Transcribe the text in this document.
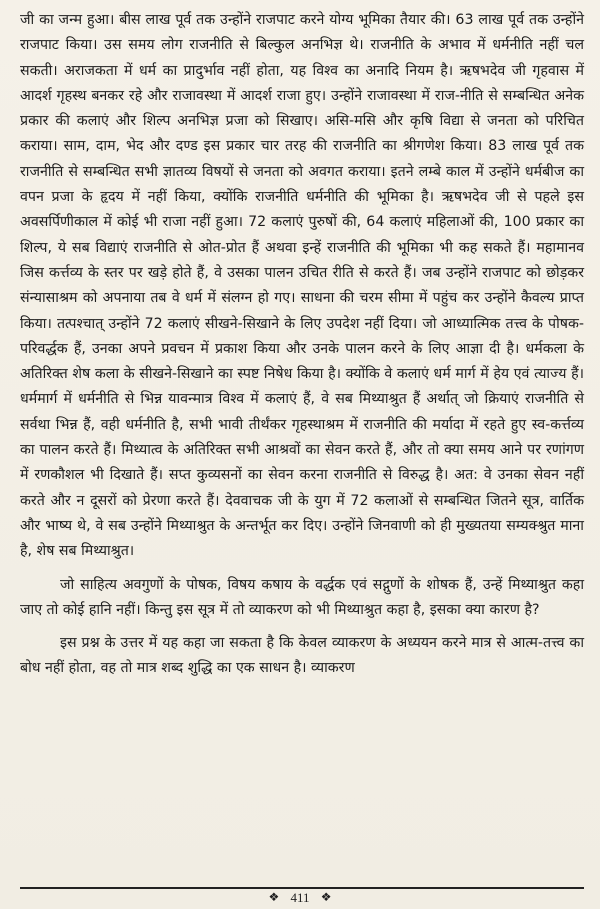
जी का जन्म हुआ। बीस लाख पूर्व तक उन्होंने राजपाट करने योग्य भूमिका तैयार की। 63 लाख पूर्व तक उन्होंने राजपाट किया। उस समय लोग राजनीति से बिल्कुल अनभिज्ञ थे। राजनीति के अभाव में धर्मनीति नहीं चल सकती। अराजकता में धर्म का प्रादुर्भाव नहीं होता, यह विश्व का अनादि नियम है। ऋषभदेव जी गृहवास में आदर्श गृहस्थ बनकर रहे और राजावस्था में आदर्श राजा हुए। उन्होंने राजावस्था में राज-नीति से सम्बन्धित अनेक प्रकार की कलाएं और शिल्प अनभिज्ञ प्रजा को सिखाए। असि-मसि और कृषि विद्या से जनता को परिचित कराया। साम, दाम, भेद और दण्ड इस प्रकार चार तरह की राजनीति का श्रीगणेश किया। 83 लाख पूर्व तक राजनीति से सम्बन्धित सभी ज्ञातव्य विषयों से जनता को अवगत कराया। इतने लम्बे काल में उन्होंने धर्मबीज का वपन प्रजा के हृदय में नहीं किया, क्योंकि राजनीति धर्मनीति की भूमिका है। ऋषभदेव जी से पहले इस अवसर्पिणीकाल में कोई भी राजा नहीं हुआ। 72 कलाएं पुरुषों की, 64 कलाएं महिलाओं की, 100 प्रकार का शिल्प, ये सब विद्याएं राजनीति से ओत-प्रोत हैं अथवा इन्हें राजनीति की भूमिका भी कह सकते हैं। महामानव जिस कर्त्तव्य के स्तर पर खड़े होते हैं, वे उसका पालन उचित रीति से करते हैं। जब उन्होंने राजपाट को छोड़कर संन्यासाश्रम को अपनाया तब वे धर्म में संलग्न हो गए। साधना की चरम सीमा में पहुंच कर उन्होंने कैवल्य प्राप्त किया। तत्पश्चात् उन्होंने 72 कलाएं सीखने-सिखाने के लिए उपदेश नहीं दिया। जो आध्यात्मिक तत्त्व के पोषक-परिवर्द्धक हैं, उनका अपने प्रवचन में प्रकाश किया और उनके पालन करने के लिए आज्ञा दी है। धर्मकला के अतिरिक्त शेष कला के सीखने-सिखाने का स्पष्ट निषेध किया है। क्योंकि वे कलाएं धर्म मार्ग में हेय एवं त्याज्य हैं। धर्ममार्ग में धर्मनीति से भिन्न यावन्मात्र विश्व में कलाएं हैं, वे सब मिथ्याश्रुत हैं अर्थात् जो क्रियाएं राजनीति से सर्वथा भिन्न हैं, वही धर्मनीति है, सभी भावी तीर्थंकर गृहस्थाश्रम में राजनीति की मर्यादा में रहते हुए स्व-कर्त्तव्य का पालन करते हैं। मिथ्यात्व के अतिरिक्त सभी आश्रवों का सेवन करते हैं, और तो क्या समय आने पर रणांगण में रणकौशल भी दिखाते हैं। सप्त कुव्यसनों का सेवन करना राजनीति से विरुद्ध है। अत: वे उनका सेवन नहीं करते और न दूसरों को प्रेरणा करते हैं। देववाचक जी के युग में 72 कलाओं से सम्बन्धित जितने सूत्र, वार्तिक और भाष्य थे, वे सब उन्होंने मिथ्याश्रुत के अन्तर्भूत कर दिए। उन्होंने जिनवाणी को ही मुख्यतया सम्यक्श्रुत माना है, शेष सब मिथ्याश्रुत।

जो साहित्य अवगुणों के पोषक, विषय कषाय के वर्द्धक एवं सद्गुणों के शोषक हैं, उन्हें मिथ्याश्रुत कहा जाए तो कोई हानि नहीं। किन्तु इस सूत्र में तो व्याकरण को भी मिथ्याश्रुत कहा है, इसका क्या कारण है?

इस प्रश्न के उत्तर में यह कहा जा सकता है कि केवल व्याकरण के अध्ययन करने मात्र से आत्म-तत्त्व का बोध नहीं होता, वह तो मात्र शब्द शुद्धि का एक साधन है। व्याकरण

❖ 411 ❖
